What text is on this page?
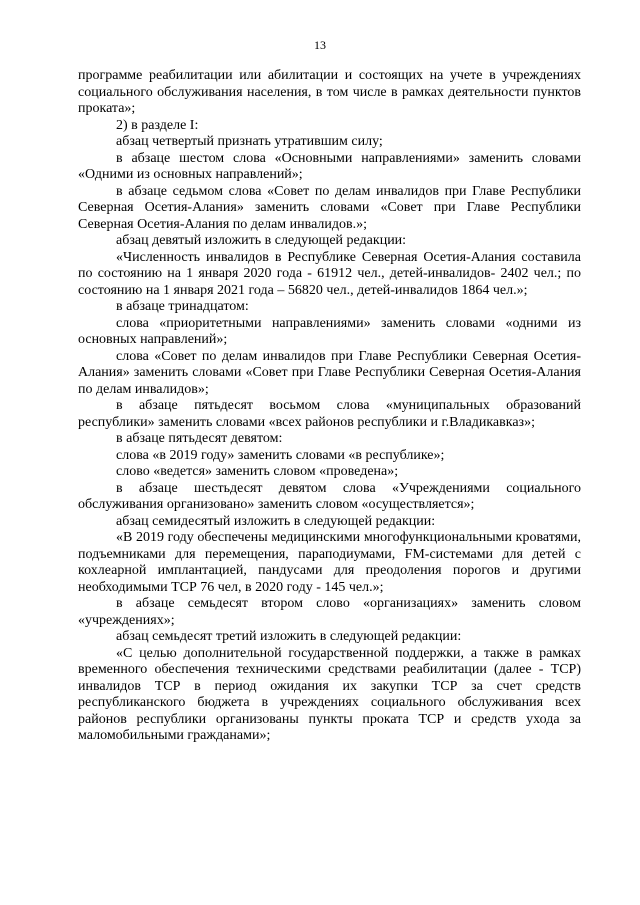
13

программе реабилитации или абилитации и состоящих на учете в учреждениях социального обслуживания населения, в том числе в рамках деятельности пунктов проката»;

2) в разделе I:

абзац четвертый признать утратившим силу;

в абзаце шестом слова «Основными направлениями» заменить словами «Одними из основных направлений»;

в абзаце седьмом слова «Совет по делам инвалидов при Главе Республики Северная Осетия-Алания» заменить словами «Совет при Главе Республики Северная Осетия-Алания по делам инвалидов.»;

абзац девятый изложить в следующей редакции:

«Численность инвалидов в Республике Северная Осетия-Алания составила по состоянию на 1 января 2020 года - 61912 чел., детей-инвалидов- 2402 чел.; по состоянию на 1 января 2021 года – 56820 чел., детей-инвалидов 1864 чел.»;

в абзаце тринадцатом:

слова «приоритетными направлениями» заменить словами «одними из основных направлений»;

слова «Совет по делам инвалидов при Главе Республики Северная Осетия-Алания» заменить словами «Совет при Главе Республики Северная Осетия-Алания по делам инвалидов»;

в абзаце пятьдесят восьмом слова «муниципальных образований республики» заменить словами «всех районов республики и г.Владикавказ»;

в абзаце пятьдесят девятом:

слова «в 2019 году» заменить словами «в республике»;

слово «ведется» заменить словом «проведена»;

в абзаце шестьдесят девятом слова «Учреждениями социального обслуживания организовано» заменить словом «осуществляется»;

абзац семидесятый изложить в следующей редакции:

«В 2019 году обеспечены медицинскими многофункциональными кроватями, подъемниками для перемещения, параподиумами, FM-системами для детей с кохлеарной имплантацией, пандусами для преодоления порогов и другими необходимыми ТСР 76 чел, в 2020 году - 145 чел.»;

в абзаце семьдесят втором слово «организациях» заменить словом «учреждениях»;

абзац семьдесят третий изложить в следующей редакции:

«С целью дополнительной государственной поддержки, а также в рамках временного обеспечения техническими средствами реабилитации (далее - ТСР) инвалидов ТСР в период ожидания их закупки ТСР за счет средств республиканского бюджета в учреждениях социального обслуживания всех районов республики организованы пункты проката ТСР и средств ухода за маломобильными гражданами»;
